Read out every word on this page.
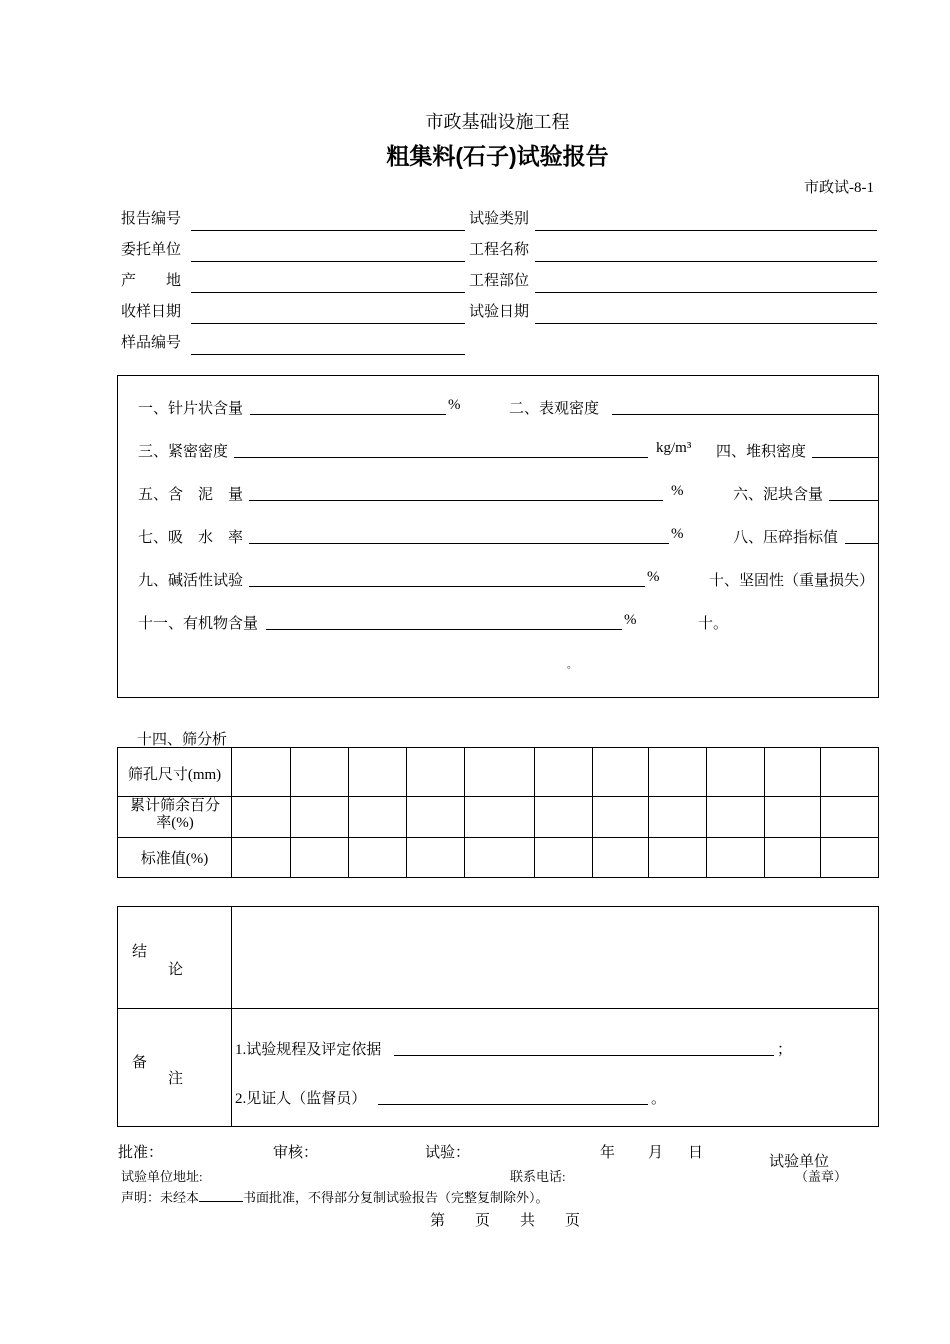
市政基础设施工程
粗集料(石子)试验报告
市政试-8-1
报告编号	试验类别
委托单位	工程名称
产　　地	工程部位
收样日期	试验日期
样品编号
一、针片状含量	%	二、表观密度
三、紧密密度	kg/m³ 四、堆积密度
五、含　泥　量	%	六、泥块含量
七、吸　水　率	%	八、压碎指标值
九、碱活性试验	%	十、坚固性（重量损失）
十一、有机物含量	%	十。
。
十四、筛分析
筛孔尺寸(mm)
累计筛余百分率(%)
标准值(%)
结
论
备
注
1.试验规程及评定依据	；
2.见证人（监督员）	。
批准：	审核：	试验：	年 月 日
试验单位
（盖章）
试验单位地址:	联系电话:
声明：未经本	书面批准，不得部分复制试验报告（完整复制除外）。
第　　页　　共　　页
